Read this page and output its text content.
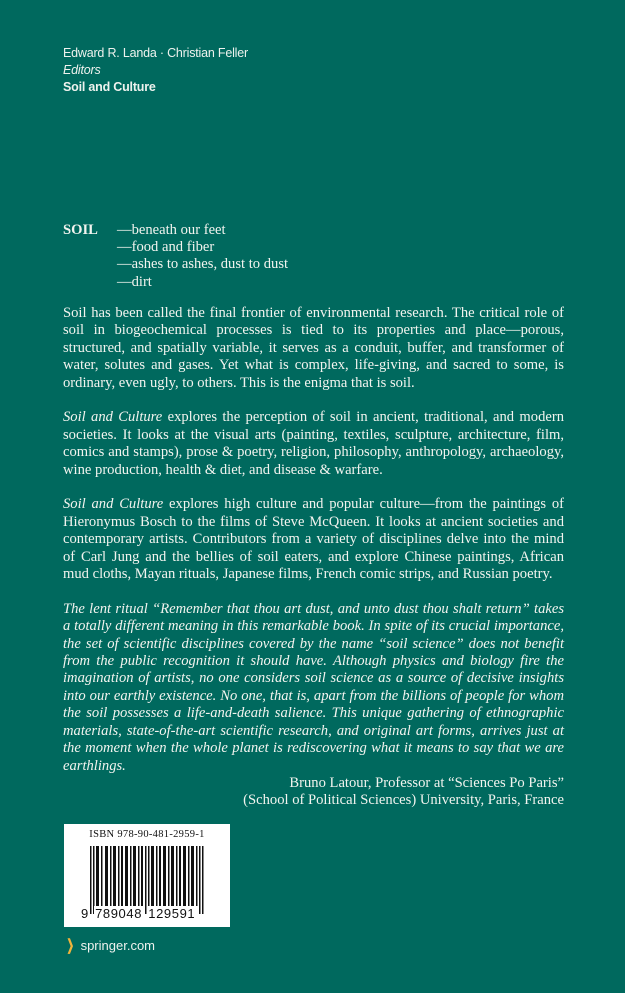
Edward R. Landa · Christian Feller
Editors
Soil and Culture
SOIL	—beneath our feet
—food and fiber
—ashes to ashes, dust to dust
—dirt

Soil has been called the final frontier of environmental research. The critical role of soil in biogeochemical processes is tied to its properties and place—porous, structured, and spatially variable, it serves as a conduit, buffer, and transformer of water, solutes and gases. Yet what is complex, life-giving, and sacred to some, is ordinary, even ugly, to others. This is the enigma that is soil.

Soil and Culture explores the perception of soil in ancient, traditional, and modern societies. It looks at the visual arts (painting, textiles, sculpture, architecture, film, comics and stamps), prose & poetry, religion, philosophy, anthropology, archaeology, wine production, health & diet, and disease & warfare.

Soil and Culture explores high culture and popular culture—from the paintings of Hieronymus Bosch to the films of Steve McQueen. It looks at ancient societies and contemporary artists. Contributors from a variety of disciplines delve into the mind of Carl Jung and the bellies of soil eaters, and explore Chinese paintings, African mud cloths, Mayan rituals, Japanese films, French comic strips, and Russian poetry.

The lent ritual “Remember that thou art dust, and unto dust thou shalt return” takes a totally different meaning in this remarkable book. In spite of its crucial importance, the set of scientific disciplines covered by the name “soil science” does not benefit from the public recognition it should have. Although physics and biology fire the imagination of artists, no one considers soil science as a source of decisive insights into our earthly existence. No one, that is, apart from the billions of people for whom the soil possesses a life-and-death salience. This unique gathering of ethnographic materials, state-of-the-art scientific research, and original art forms, arrives just at the moment when the whole planet is rediscovering what it means to say that we are earthlings.

Bruno Latour, Professor at “Sciences Po Paris”
(School of Political Sciences) University, Paris, France
ISBN 978-90-481-2959-1
9 789048 129591
❯ springer.com
